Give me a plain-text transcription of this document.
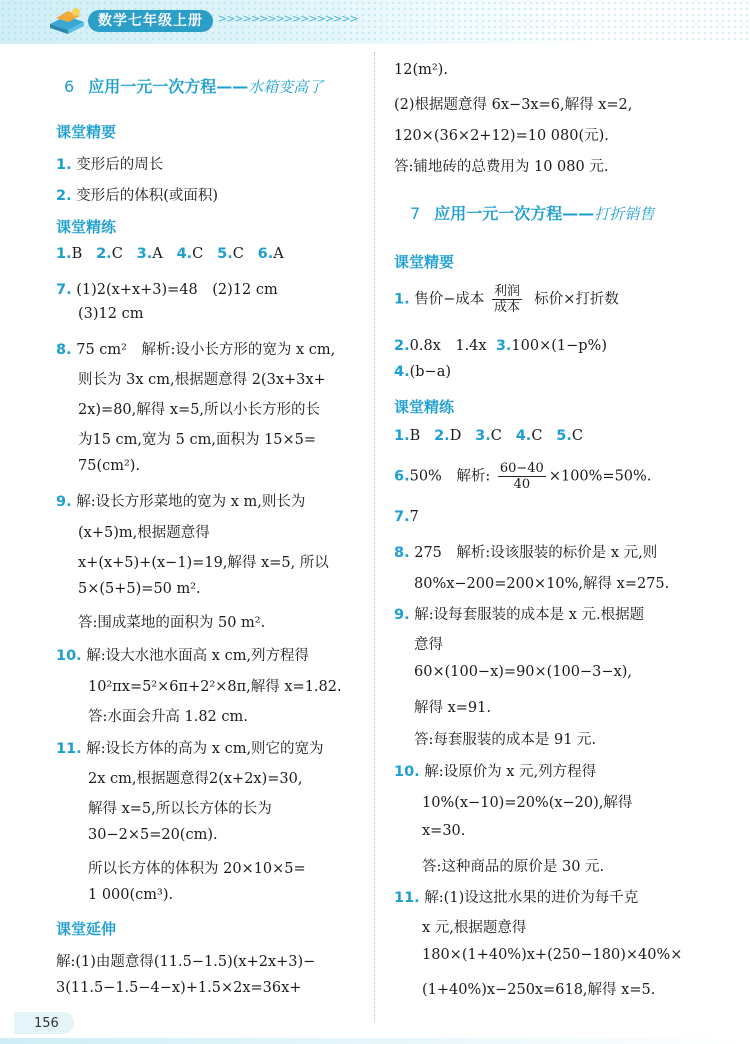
数学七年级上册	>>>>>>>>>>>>>>>>>
6 应用一元一次方程——水箱变高了
课堂精要
1. 变形后的周长
2. 变形后的体积(或面积)
课堂精练
1.B 2.C 3.A 4.C 5.C 6.A
7. (1)2(x+x+3)=48　(2)12 cm
(3)12 cm
8. 75 cm²　解析:设小长方形的宽为 x cm,
则长为 3x cm,根据题意得 2(3x+3x+
2x)=80,解得 x=5,所以小长方形的长
为15 cm,宽为 5 cm,面积为 15×5=
75(cm²).
9. 解:设长方形菜地的宽为 x m,则长为
(x+5)m,根据题意得
x+(x+5)+(x−1)=19,解得 x=5, 所以
5×(5+5)=50 m².
答:围成菜地的面积为 50 m².
10. 解:设大水池水面高 x cm,列方程得
10²πx=5²×6π+2²×8π,解得 x=1.82.
答:水面会升高 1.82 cm.
11. 解:设长方体的高为 x cm,则它的宽为
2x cm,根据题意得2(x+2x)=30,
解得 x=5,所以长方体的长为
30−2×5=20(cm).
所以长方体的体积为 20×10×5=
1 000(cm³).
课堂延伸
解:(1)由题意得(11.5−1.5)(x+2x+3)−
3(11.5−1.5−4−x)+1.5×2x=36x+
12(m²).
(2)根据题意得 6x−3x=6,解得 x=2,
120×(36×2+12)=10 080(元).
答:铺地砖的总费用为 10 080 元.
7 应用一元一次方程——打折销售
课堂精要
1. 售价−成本 $\frac{\text{利润}}{\text{成本}}$ 标价×打折数
2.0.8x　1.4x 3.100×(1−p%)
4.(b−a)
课堂精练
1.B 2.D 3.C 4.C 5.C
6.50%　解析: $\frac{60-40}{40} \times 100\%=50\%$.
7.7
8. 275　解析:设该服装的标价是 x 元,则
80%x−200=200×10%,解得 x=275.
9. 解:设每套服装的成本是 x 元.根据题
意得
60×(100−x)=90×(100−3−x),
解得 x=91.
答:每套服装的成本是 91 元.
10. 解:设原价为 x 元,列方程得
10%(x−10)=20%(x−20),解得
x=30.
答:这种商品的原价是 30 元.
11. 解:(1)设这批水果的进价为每千克
x 元,根据题意得
180×(1+40%)x+(250−180)×40%×
(1+40%)x−250x=618,解得 x=5.
156
